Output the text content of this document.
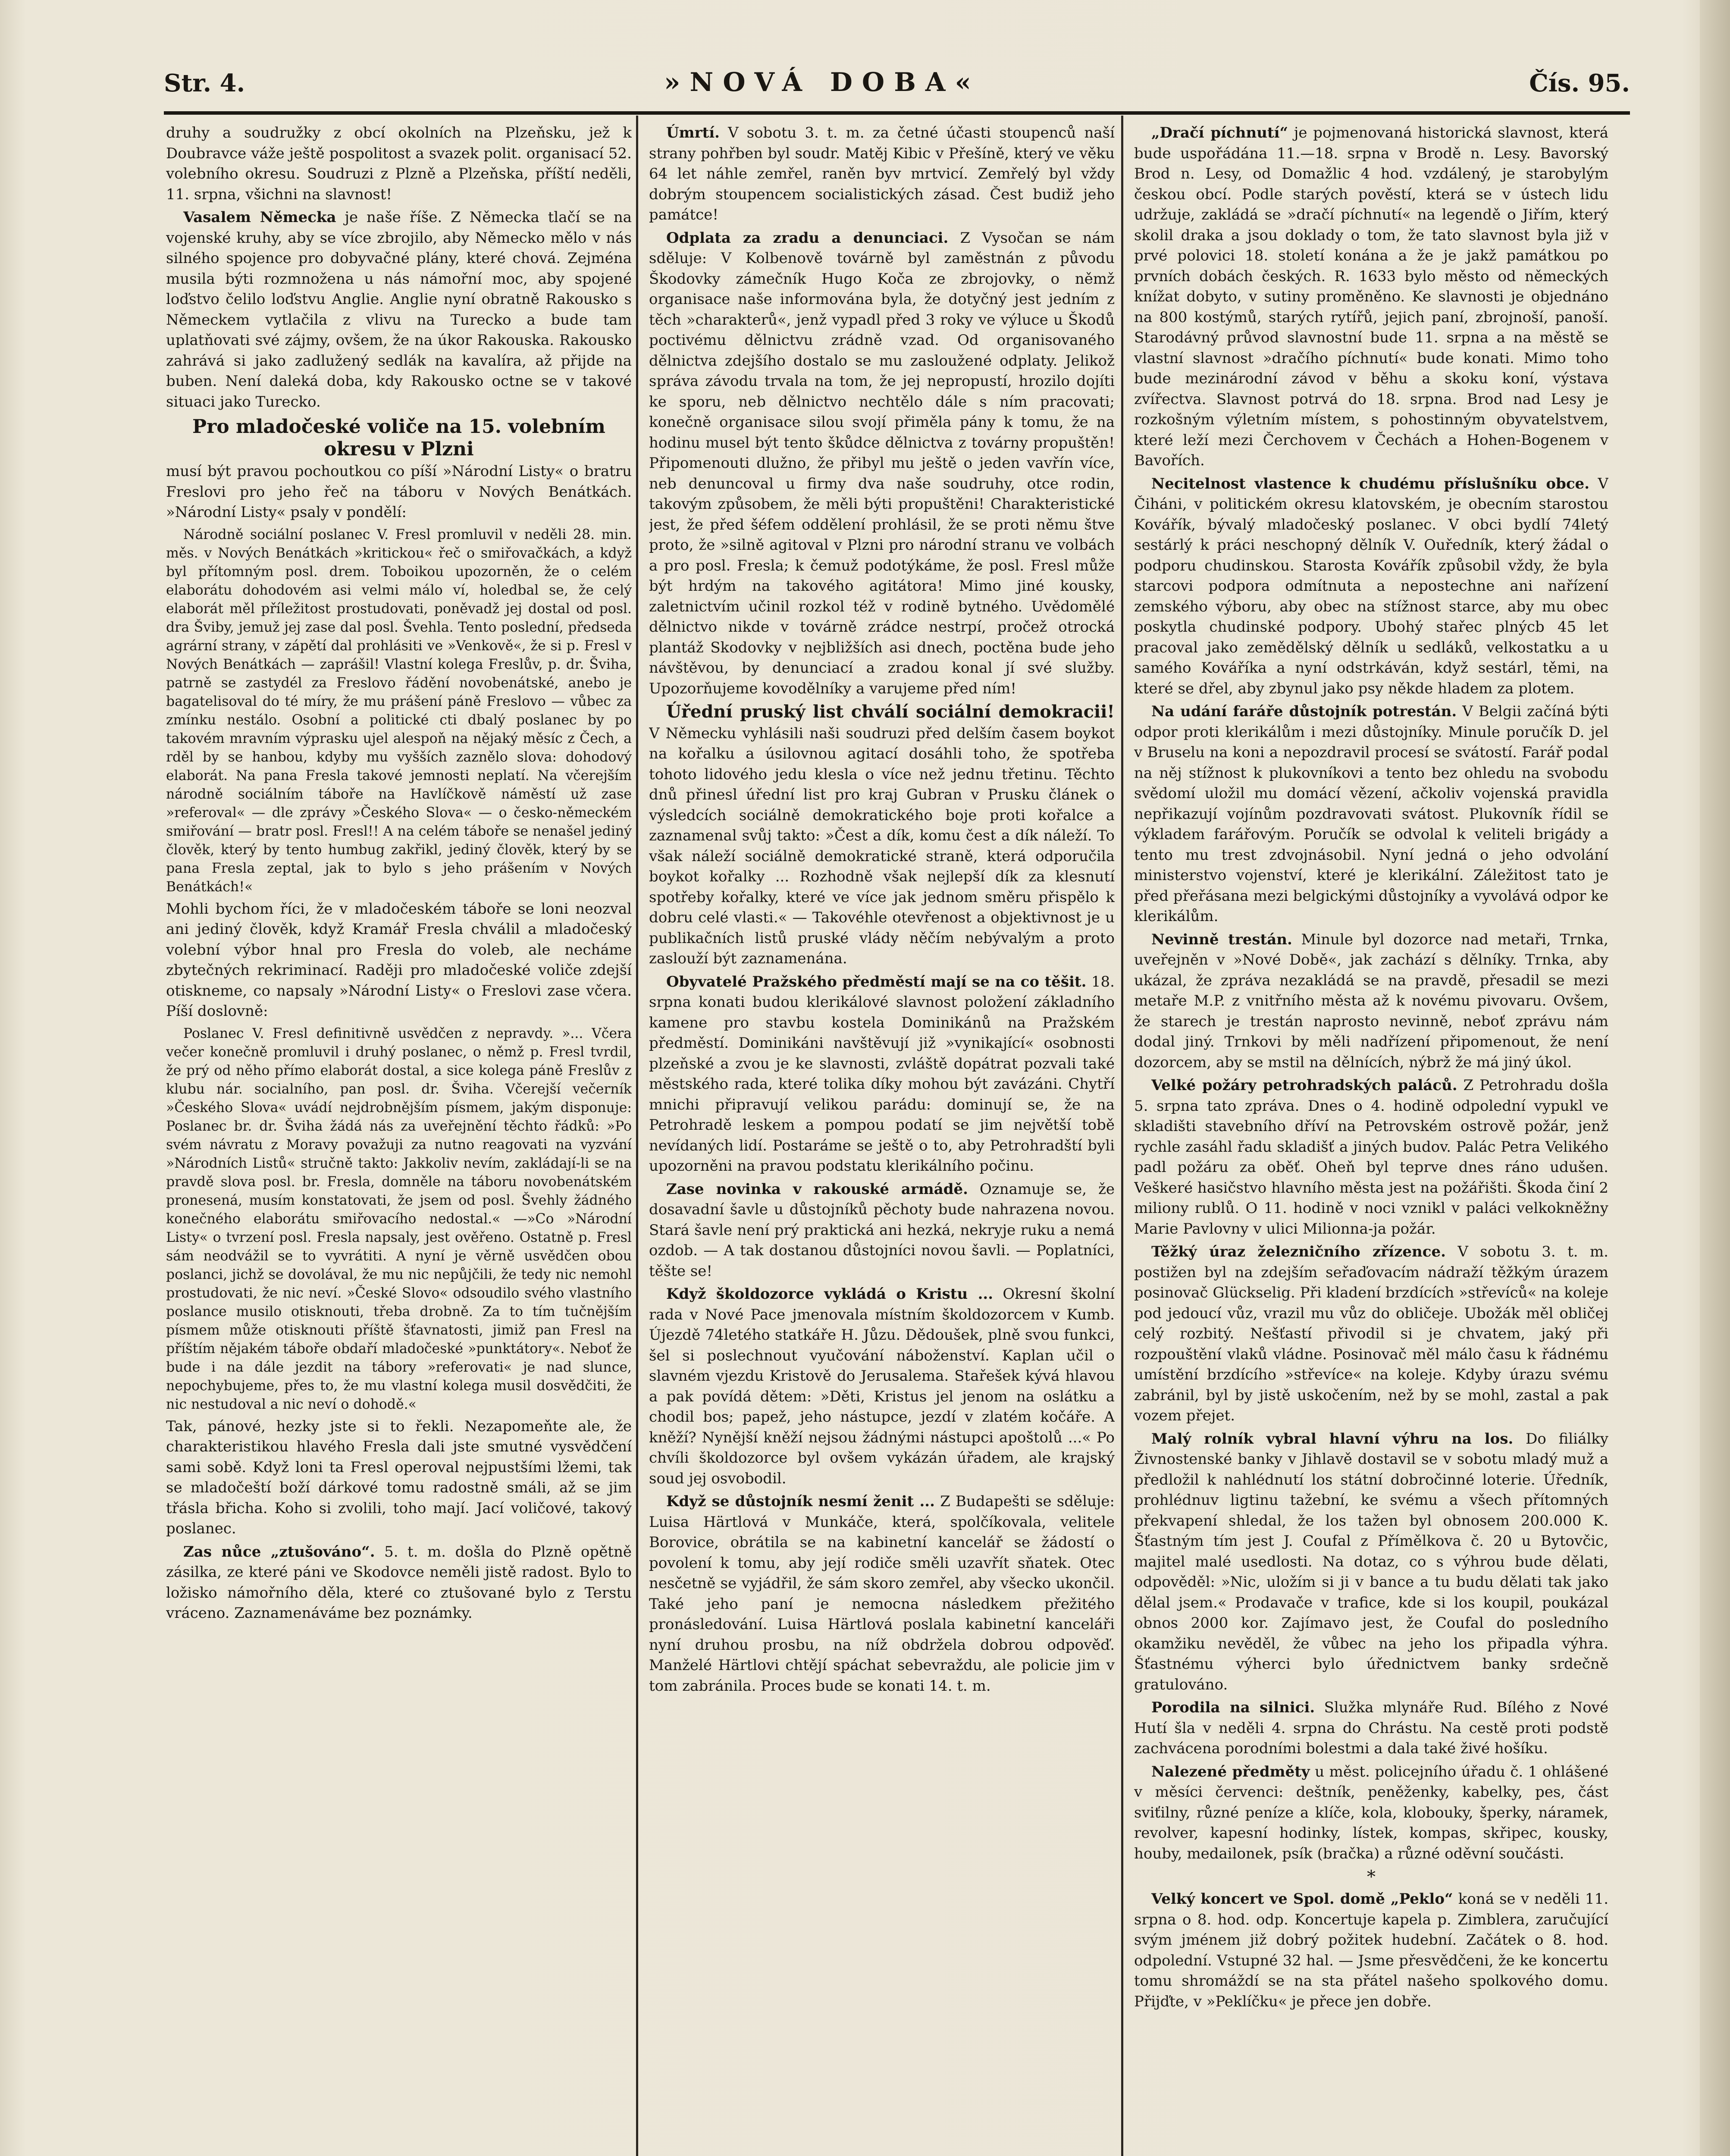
Str. 4.	»NOVÁ DOBA«	Čís. 95.

druhy a soudružky z obcí okolních na Plzeňsku, jež k Doubravce váže ještě pospolitost a svazek polit. organisací 52. volebního okresu. Soudruzi z Plzně a Plzeňska, příští neděli, 11. srpna, všichni na slavnost!

Vasalem Německa je naše říše. Z Německa tlačí se na vojenské kruhy, aby se více zbrojilo, aby Německo mělo v nás silného spojence pro dobyvačné plány, které chová. Zejména musila býti rozmnožena u nás námořní moc, aby spojené loďstvo čelilo loďstvu Anglie. Anglie nyní obratně Rakousko s Německem vytlačila z vlivu na Turecko a bude tam uplatňovati své zájmy, ovšem, že na úkor Rakouska. Rakousko zahrává si jako zadlužený sedlák na kavalíra, až přijde na buben. Není daleká doba, kdy Rakousko octne se v takové situaci jako Turecko.

Pro mladočeské voliče na 15. volebním okresu v Plzni

musí být pravou pochoutkou co píší »Národní Listy« o bratru Freslovi pro jeho řeč na táboru v Nových Benátkách. »Národní Listy« psaly v pondělí:

Národně sociální poslanec V. Fresl promluvil v neděli 28. min. měs. v Nových Benátkách »kritickou« řeč o smiřovačkách, a když byl přítomným posl. drem. Toboikou upozorněn, že o celém elaborátu dohodovém asi velmi málo ví, holedbal se, že celý elaborát měl příležitost prostudovati, poněvadž jej dostal od posl. dra Šviby, jemuž jej zase dal posl. Švehla. Tento poslední, předseda agrární strany, v zápětí dal prohlásiti ve »Venkově«, že si p. Fresl v Nových Benátkách — zaprášil! Vlastní kolega Freslův, p. dr. Šviha, patrně se zastydél za Freslovo řádění novobenátské, anebo je bagatelisoval do té míry, že mu prášení páně Freslovo — vůbec za zmínku nestálo. Osobní a politické cti dbalý poslanec by po takovém mravním výprasku ujel alespoň na nějaký měsíc z Čech, a rděl by se hanbou, kdyby mu vyšších zaznělo slova: dohodový elaborát. Na pana Fresla takové jemnosti neplatí. Na včerejším národně sociálním táboře na Havlíčkově náměstí už zase »referoval« — dle zprávy »Českého Slova« — o česko-německém smiřování — bratr posl. Fresl!! A na celém táboře se nenašel jediný člověk, který by tento humbug zakřikl, jediný člověk, který by se pana Fresla zeptal, jak to bylo s jeho prášením v Nových Benátkách!«

Mohli bychom říci, že v mladočeském táboře se loni neozval ani jediný člověk, když Kramář Fresla chválil a mladočeský volební výbor hnal pro Fresla do voleb, ale necháme zbytečných rekriminací. Raději pro mladočeské voliče zdejší otiskneme, co napsaly »Národní Listy« o Freslovi zase včera. Píší doslovně:

Poslanec V. Fresl definitivně usvědčen z nepravdy. »... Včera večer konečně promluvil i druhý poslanec, o němž p. Fresl tvrdil, že prý od něho přímo elaborát dostal, a sice kolega páně Freslův z klubu nár. socialního, pan posl. dr. Šviha. Včerejší večerník »Českého Slova« uvádí nejdrobnějším písmem, jakým disponuje: Poslanec br. dr. Šviha žádá nás za uveřejnění těchto řádků: »Po svém návratu z Moravy považuji za nutno reagovati na vyzvání »Národních Listů« stručně takto: Jakkoliv nevím, zakládají-li se na pravdě slova posl. br. Fresla, domněle na táboru novobenátském pronesená, musím konstatovati, že jsem od posl. Švehly žádného konečného elaborátu smiřovacího nedostal.« —»Co »Národní Listy« o tvrzení posl. Fresla napsaly, jest ověřeno. Ostatně p. Fresl sám neodvážil se to vyvrátiti. A nyní je věrně usvědčen obou poslanci, jichž se dovolával, že mu nic nepůjčili, že tedy nic nemohl prostudovati, že nic neví. »České Slovo« odsoudilo svého vlastního poslance musilo otisknouti, třeba drobně. Za to tím tučnějším písmem může otisknouti příště šťavnatosti, jimiž pan Fresl na příštím nějakém táboře obdaří mladočeské »punktátory«. Neboť že bude i na dále jezdit na tábory »referovati« je nad slunce, nepochybujeme, přes to, že mu vlastní kolega musil dosvědčiti, že nic nestudoval a nic neví o dohodě.«

Tak, pánové, hezky jste si to řekli. Nezapomeňte ale, že charakteristikou hlavého Fresla dali jste smutné vysvědčení sami sobě. Když loni ta Fresl operoval nejpustšími lžemi, tak se mladočeští boží dárkové tomu radostně smáli, až se jim třásla břicha. Koho si zvolili, toho mají. Jací voličové, takový poslanec.

Zas nůce „ztušováno“. 5. t. m. došla do Plzně opětně zásilka, ze které páni ve Skodovce neměli jistě radost. Bylo to ložisko námořního děla, které co ztušované bylo z Terstu vráceno. Zaznamenáváme bez poznámky.

Úmrtí. V sobotu 3. t. m. za četné účasti stoupenců naší strany pohřben byl soudr. Matěj Kibic v Přešíně, který ve věku 64 let náhle zemřel, raněn byv mrtvicí. Zemřelý byl vždy dobrým stoupencem socialistických zásad. Čest budiž jeho památce!

Odplata za zradu a denunciaci. Z Vysočan se nám sděluje: V Kolbenově továrně byl zaměstnán z původu Škodovky zámečník Hugo Koča ze zbrojovky, o němž organisace naše informována byla, že dotyčný jest jedním z těch »charakterů«, jenž vypadl před 3 roky ve výluce u Škodů poctivému dělnictvu zrádně vzad. Od organisovaného dělnictva zdejšího dostalo se mu zasloužené odplaty. Jelikož správa závodu trvala na tom, že jej nepropustí, hrozilo dojíti ke sporu, neb dělnictvo nechtělo dále s ním pracovati; konečně organisace silou svojí přiměla pány k tomu, že na hodinu musel být tento škůdce dělnictva z továrny propuštěn! Připomenouti dlužno, že přibyl mu ještě o jeden vavřín více, neb denuncoval u firmy dva naše soudruhy, otce rodin, takovým způsobem, že měli býti propuštěni! Charakteristické jest, že před šéfem oddělení prohlásil, že se proti němu štve proto, že »silně agitoval v Plzni pro národní stranu ve volbách a pro posl. Fresla; k čemuž podotýkáme, že posl. Fresl může být hrdým na takového agitátora! Mimo jiné kousky, zaletnictvím učinil rozkol též v rodině bytného. Uvědomělé dělnictvo nikde v továrně zrádce nestrpí, pročež otrocká plantáž Skodovky v nejbližších asi dnech, poctěna bude jeho návštěvou, by denunciací a zradou konal jí své služby. Upozorňujeme kovodělníky a varujeme před ním!

Úřední pruský list chválí sociální demokracii! V Německu vyhlásili naši soudruzi před delším časem boykot na kořalku a úsilovnou agitací dosáhli toho, že spotřeba tohoto lidového jedu klesla o více než jednu třetinu. Těchto dnů přinesl úřední list pro kraj Gubran v Prusku článek o výsledcích sociálně demokratického boje proti kořalce a zaznamenal svůj takto: »Čest a dík, komu čest a dík náleží. To však náleží sociálně demokratické straně, která odporučila boykot kořalky ... Rozhodně však nejlepší dík za klesnutí spotřeby kořalky, které ve více jak jednom směru přispělo k dobru celé vlasti.« — Takovéhle otevřenost a objektivnost je u publikačních listů pruské vlády něčím nebývalým a proto zaslouží být zaznamenána.

Obyvatelé Pražského předměstí mají se na co těšit. 18. srpna konati budou klerikálové slavnost položení základního kamene pro stavbu kostela Dominikánů na Pražském předměstí. Dominikáni navštěvují již »vynikající« osobnosti plzeňské a zvou je ke slavnosti, zvláště dopátrat pozvali také městského rada, které tolika díky mohou být zavázáni. Chytří mnichi připravují velikou parádu: dominují se, že na Petrohradě leskem a pompou podatí se jim největší tobě nevídaných lidí. Postaráme se ještě o to, aby Petrohradští byli upozorněni na pravou podstatu klerikálního počinu.

Zase novinka v rakouské armádě. Oznamuje se, že dosavadní šavle u důstojníků pěchoty bude nahrazena novou. Stará šavle není prý praktická ani hezká, nekryje ruku a nemá ozdob. — A tak dostanou důstojníci novou šavli. — Poplatníci, těšte se!

Když školdozorce vykládá o Kristu ... Okresní školní rada v Nové Pace jmenovala místním školdozorcem v Kumb. Újezdě 74letého statkáře H. Jůzu. Dědoušek, plně svou funkci, šel si poslechnout vyučování náboženství. Kaplan učil o slavném vjezdu Kristově do Jerusalema. Stařešek kývá hlavou a pak povídá dětem: »Děti, Kristus jel jenom na oslátku a chodil bos; papež, jeho nástupce, jezdí v zlatém kočáře. A kněží? Nynější kněží nejsou žádnými nástupci apoštolů ...« Po chvíli školdozorce byl ovšem vykázán úřadem, ale krajský soud jej osvobodil.

Když se důstojník nesmí ženit ... Z Budapešti se sděluje: Luisa Härtlová v Munkáče, která, spolčíkovala, velitele Borovice, obrátila se na kabinetní kancelář se žádostí o povolení k tomu, aby její rodiče směli uzavřít sňatek. Otec nesčetně se vyjádřil, že sám skoro zemřel, aby všecko ukončil. Také jeho paní je nemocna následkem přežitého pronásledování. Luisa Härtlová poslala kabinetní kanceláři nyní druhou prosbu, na níž obdržela dobrou odpověď. Manželé Härtlovi chtějí spáchat sebevraždu, ale policie jim v tom zabránila. Proces bude se konati 14. t. m.

„Dračí píchnutí“ je pojmenovaná historická slavnost, která bude uspořádána 11.—18. srpna v Brodě n. Lesy. Bavorský Brod n. Lesy, od Domažlic 4 hod. vzdálený, je starobylým českou obcí. Podle starých pověstí, která se v ústech lidu udržuje, zakládá se »dračí píchnutí« na legendě o Jiřím, který skolil draka a jsou doklady o tom, že tato slavnost byla již v prvé polovici 18. století konána a že je jakž památkou po prvních dobách českých. R. 1633 bylo město od německých knížat dobyto, v sutiny proměněno. Ke slavnosti je objednáno na 800 kostýmů, starých rytířů, jejich paní, zbrojnoší, panoší. Starodávný průvod slavnostní bude 11. srpna a na městě se vlastní slavnost »dračího píchnutí« bude konati. Mimo toho bude mezinárodní závod v běhu a skoku koní, výstava zvířectva. Slavnost potrvá do 18. srpna. Brod nad Lesy je rozkošným výletním místem, s pohostinným obyvatelstvem, které leží mezi Čerchovem v Čechách a Hohen-Bogenem v Bavořích.

Necitelnost vlastence k chudému příslušníku obce. V Čiháni, v politickém okresu klatovském, je obecním starostou Kovářík, bývalý mladočeský poslanec. V obci bydlí 74letý sestárlý k práci neschopný dělník V. Ouředník, který žádal o podporu chudinskou. Starosta Kovářík způsobil vždy, že byla starcovi podpora odmítnuta a nepostechne ani nařízení zemského výboru, aby obec na stížnost starce, aby mu obec poskytla chudinské podpory. Ubohý stařec plnýcb 45 let pracoval jako zemědělský dělník u sedláků, velkostatku a u samého Kováříka a nyní odstrkáván, když sestárl, těmi, na které se dřel, aby zbynul jako psy někde hladem za plotem.

Na udání faráře důstojník potrestán. V Belgii začíná býti odpor proti klerikálům i mezi důstojníky. Minule poručík D. jel v Bruselu na koni a nepozdravil procesí se svátostí. Farář podal na něj stížnost k plukovníkovi a tento bez ohledu na svobodu svědomí uložil mu domácí vězení, ačkoliv vojenská pravidla nepřikazují vojínům pozdravovati svátost. Plukovník řídil se výkladem farářovým. Poručík se odvolal k veliteli brigády a tento mu trest zdvojnásobil. Nyní jedná o jeho odvolání ministerstvo vojenství, které je klerikální. Záležitost tato je před přeřásana mezi belgickými důstojníky a vyvolává odpor ke klerikálům.

Nevinně trestán. Minule byl dozorce nad metaři, Trnka, uveřejněn v »Nové Době«, jak zachází s dělníky. Trnka, aby ukázal, že zpráva nezakládá se na pravdě, přesadil se mezi metaře M.P. z vnitřního města až k novému pivovaru. Ovšem, že starech je trestán naprosto nevinně, neboť zprávu nám dodal jiný. Trnkovi by měli nadřízení připomenout, že není dozorcem, aby se mstil na dělnících, nýbrž že má jiný úkol.

Velké požáry petrohradských paláců. Z Petrohradu došla 5. srpna tato zpráva. Dnes o 4. hodině odpolední vypukl ve skladišti stavebního dříví na Petrovském ostrově požár, jenž rychle zasáhl řadu skladišť a jiných budov. Palác Petra Velikého padl požáru za oběť. Oheň byl teprve dnes ráno udušen. Veškeré hasičstvo hlavního města jest na požářišti. Škoda činí 2 miliony rublů. O 11. hodině v noci vznikl v paláci velkokněžny Marie Pavlovny v ulici Milionna-ja požár.

Těžký úraz železničního zřízence. V sobotu 3. t. m. postižen byl na zdejším seřaďovacím nádraží těžkým úrazem posinovač Glückselig. Při kladení brzdících »střevíců« na koleje pod jedoucí vůz, vrazil mu vůz do obličeje. Ubožák měl obličej celý rozbitý. Nešťastí přivodil si je chvatem, jaký při rozpouštění vlaků vládne. Posinovač měl málo času k řádnému umístění brzdícího »střevíce« na koleje. Kdyby úrazu svému zabránil, byl by jistě uskočením, než by se mohl, zastal a pak vozem přejet.

Malý rolník vybral hlavní výhru na los. Do filiálky Živnostenské banky v Jihlavě dostavil se v sobotu mladý muž a předložil k nahlédnutí los státní dobročinné loterie. Úředník, prohlédnuv ligtinu tažební, ke svému a všech přítomných překvapení shledal, že los tažen byl obnosem 200.000 K. Šťastným tím jest J. Coufal z Přímělkova č. 20 u Bytovčic, majitel malé usedlosti. Na dotaz, co s výhrou bude dělati, odpověděl: »Nic, uložím si ji v bance a tu budu dělati tak jako dělal jsem.« Prodavače v trafice, kde si los koupil, poukázal obnos 2000 kor. Zajímavo jest, že Coufal do posledního okamžiku nevěděl, že vůbec na jeho los připadla výhra. Šťastnému výherci bylo úřednictvem banky srdečně gratulováno.

Porodila na silnici. Služka mlynáře Rud. Bílého z Nové Hutí šla v neděli 4. srpna do Chrástu. Na cestě proti podstě zachvácena porodními bolestmi a dala také živé hošíku.

Nalezené předměty u měst. policejního úřadu č. 1 ohlášené v měsíci červenci: deštník, peněženky, kabelky, pes, část sviťilny, různé peníze a klíče, kola, klobouky, šperky, náramek, revolver, kapesní hodinky, lístek, kompas, skřipec, kousky, houby, medailonek, psík (bračka) a různé oděvní součásti.

*

Velký koncert ve Spol. domě „Peklo“ koná se v neděli 11. srpna o 8. hod. odp. Koncertuje kapela p. Zimblera, zaručující svým jménem již dobrý požitek hudební. Začátek o 8. hod. odpolední. Vstupné 32 hal. — Jsme přesvědčeni, že ke koncertu tomu shromáždí se na sta přátel našeho spolkového domu. Přijďte, v »Peklíčku« je přece jen dobře.
